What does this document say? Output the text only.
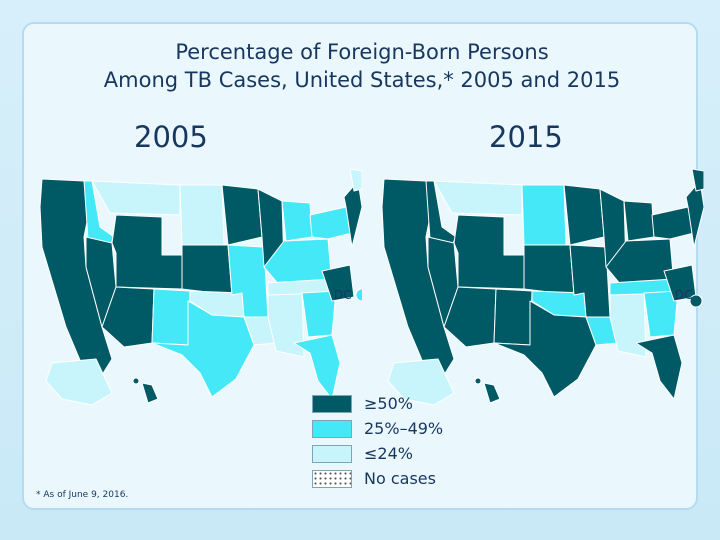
Percentage of Foreign-Born Persons
Among TB Cases, United States,* 2005 and 2015
2005	2015
DC	DC
≥50%
25%–49%
≤24%
No cases
* As of June 9, 2016.
